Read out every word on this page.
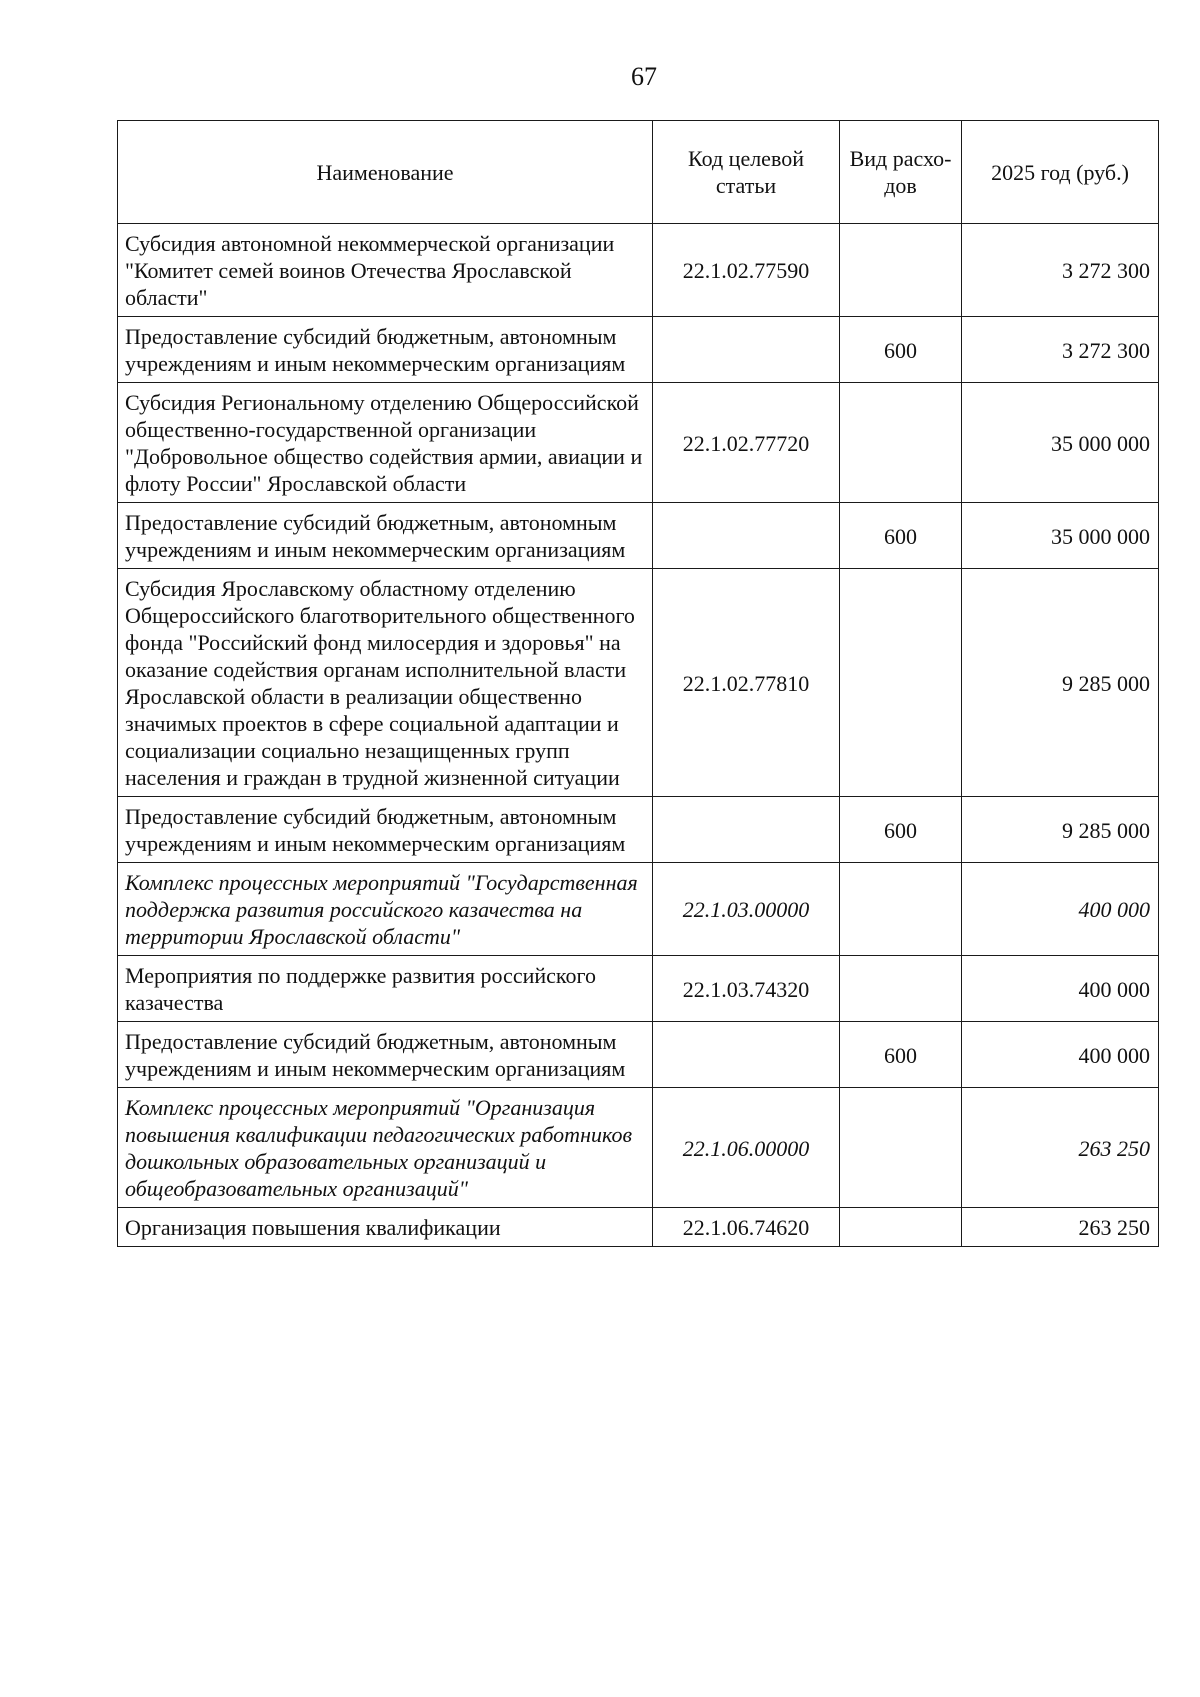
67
Наименование	Код целевой статьи	Вид расхо-дов	2025 год (руб.)
Субсидия автономной некоммерческой организации "Комитет семей воинов Отечества Ярославской области"	22.1.02.77590		3 272 300
Предоставление субсидий бюджетным, автономным учреждениям и иным некоммерческим организациям		600	3 272 300
Субсидия Региональному отделению Общероссийской общественно-государственной организации "Добровольное общество содействия армии, авиации и флоту России" Ярославской области	22.1.02.77720		35 000 000
Предоставление субсидий бюджетным, автономным учреждениям и иным некоммерческим организациям		600	35 000 000
Субсидия Ярославскому областному отделению Общероссийского благотворительного общественного фонда "Российский фонд милосердия и здоровья" на оказание содействия органам исполнительной власти Ярославской области в реализации общественно значимых проектов в сфере социальной адаптации и социализации социально незащищенных групп населения и граждан в трудной жизненной ситуации	22.1.02.77810		9 285 000
Предоставление субсидий бюджетным, автономным учреждениям и иным некоммерческим организациям		600	9 285 000
Комплекс процессных мероприятий "Государственная поддержка развития российского казачества на территории Ярославской области"	22.1.03.00000		400 000
Мероприятия по поддержке развития российского казачества	22.1.03.74320		400 000
Предоставление субсидий бюджетным, автономным учреждениям и иным некоммерческим организациям		600	400 000
Комплекс процессных мероприятий "Организация повышения квалификации педагогических работников дошкольных образовательных организаций и общеобразовательных организаций"	22.1.06.00000		263 250
Организация повышения квалификации	22.1.06.74620		263 250
